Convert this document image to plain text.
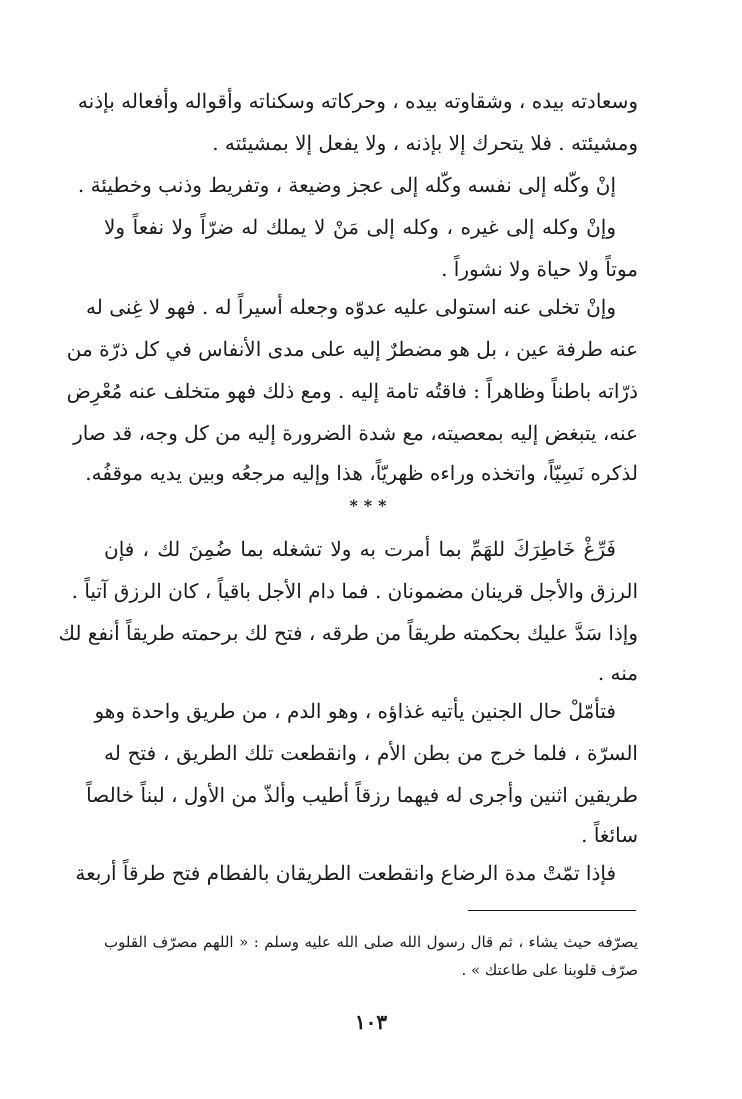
وسعادته بيده ، وشقاوته بيده ، وحركاته وسكناته وأقواله وأفعاله بإذنه
ومشيئته . فلا يتحرك إلا بإذنه ، ولا يفعل إلا بمشيئته .
إنْ وكّله إلى نفسه وكّله إلى عجز وضيعة ، وتفريط وذنب وخطيئة .
وإنْ وكله إلى غيره ، وكله إلى مَنْ لا يملك له ضرّاً ولا نفعاً ولا
موتاً ولا حياة ولا نشوراً .
وإنْ تخلى عنه استولى عليه عدوّه وجعله أسيراً له . فهو لا غِنى له
عنه طرفة عين ، بل هو مضطرٌ إليه على مدى الأنفاس في كل ذرّة من
ذرّاته باطناً وظاهراً : فاقتُه تامة إليه . ومع ذلك فهو متخلف عنه مُعْرِض
عنه، يتبغض إليه بمعصيته، مع شدة الضرورة إليه من كل وجه، قد صار
لذكره نَسِيّاً، واتخذه وراءه ظهريّاً، هذا وإليه مرجعُه وبين يديه موقفُه.
***
فَرِّغْ خَاطِرَكَ للهَمِّ بما أمرت به ولا تشغله بما ضُمِنَ لك ، فإن
الرزق والأجل قرينان مضمونان . فما دام الأجل باقياً ، كان الرزق آتياً .
وإذا سَدَّ عليك بحكمته طريقاً من طرقه ، فتح لك برحمته طريقاً أنفع لك
منه .
فتأمّلْ حال الجنين يأتيه غذاؤه ، وهو الدم ، من طريق واحدة وهو
السرّة ، فلما خرج من بطن الأم ، وانقطعت تلك الطريق ، فتح له
طريقين اثنين وأجرى له فيهما رزقاً أطيب وألذّ من الأول ، لبناً خالصاً
سائغاً .
فإذا تمّتْ مدة الرضاع وانقطعت الطريقان بالفطام فتح طرقاً أربعة
يصرّفه حيث يشاء ، ثم قال رسول الله صلى الله عليه وسلم : « اللهم مصرّف القلوب
صرّف قلوبنا على طاعتك » .
١٠٣
